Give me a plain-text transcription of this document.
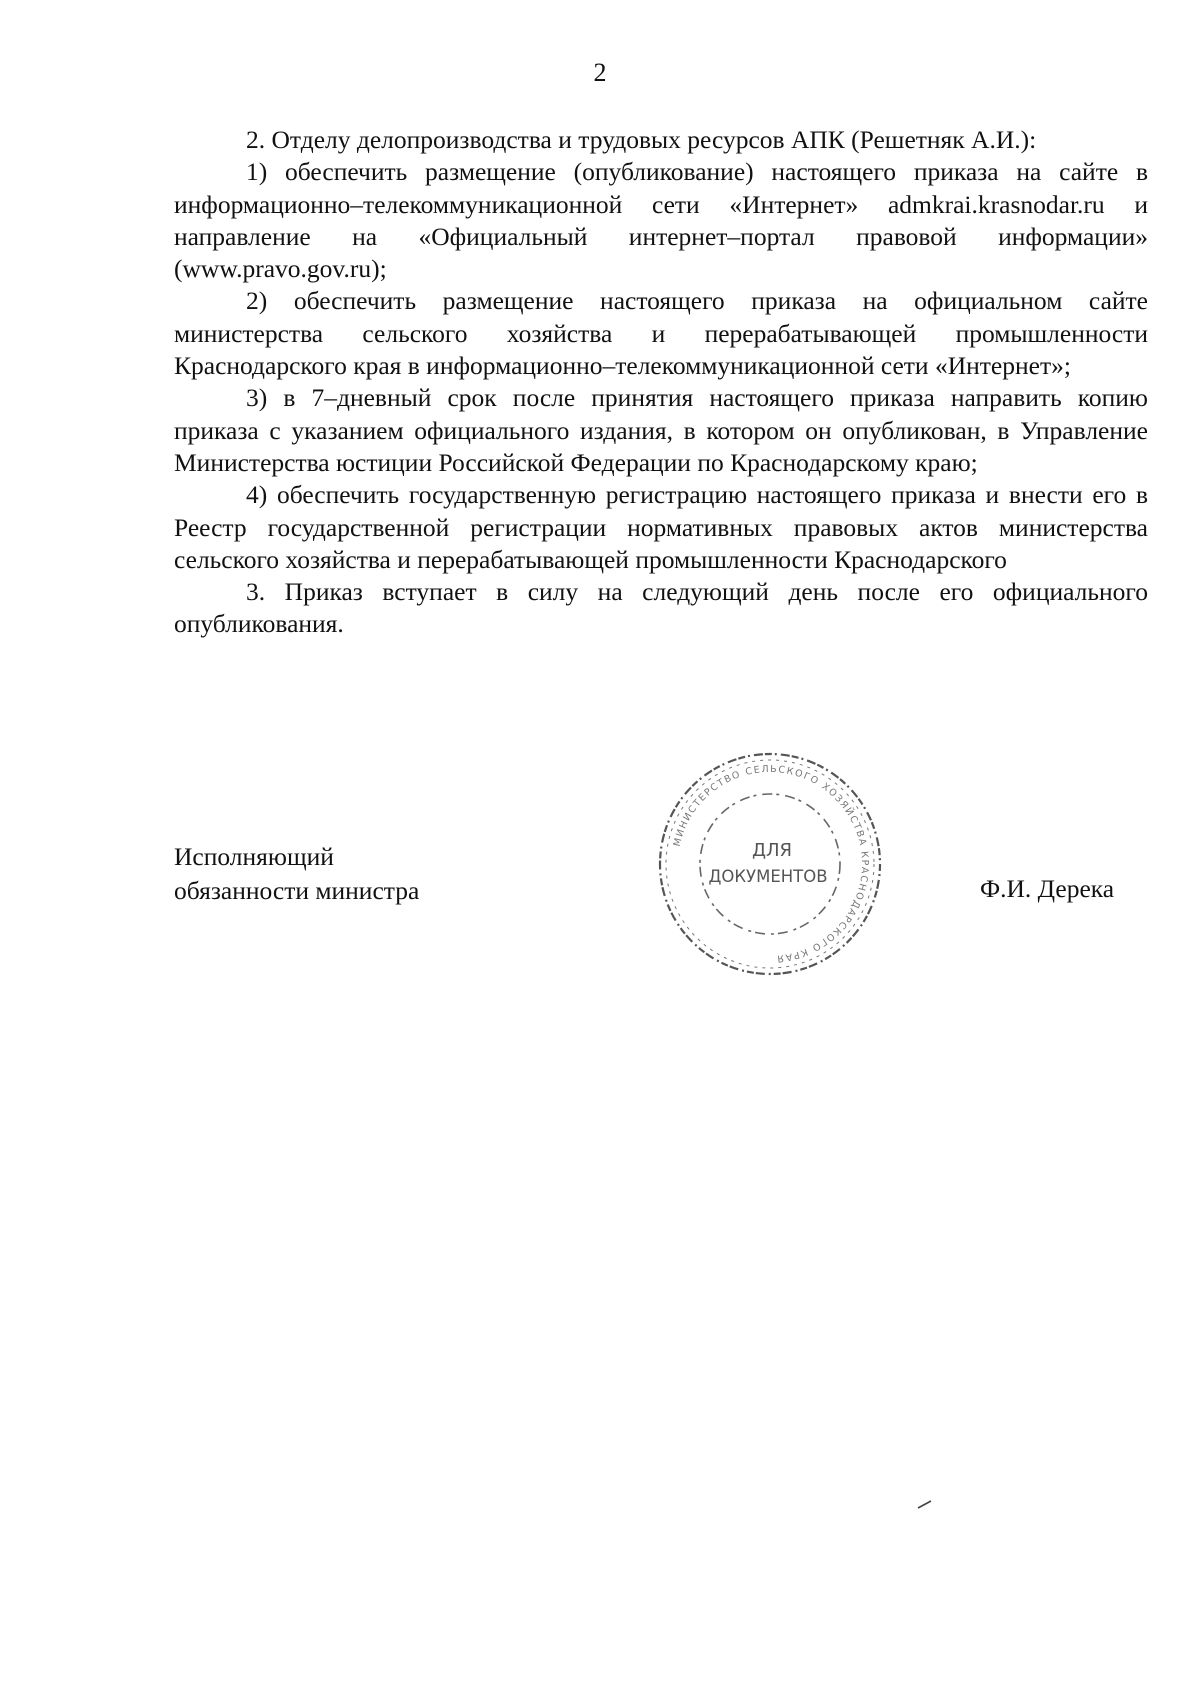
2

2. Отделу делопроизводства и трудовых ресурсов АПК (Решетняк А.И.):

1) обеспечить размещение (опубликование) настоящего приказа на сайте в информационно–телекоммуникационной сети «Интернет» admkrai.krasnodar.ru и направление на «Официальный интернет–портал правовой информации» (www.pravo.gov.ru);

2) обеспечить размещение настоящего приказа на официальном сайте министерства сельского хозяйства и перерабатывающей промышленности Краснодарского края в информационно–телекоммуникационной сети «Интернет»;

3) в 7–дневный срок после принятия настоящего приказа направить копию приказа с указанием официального издания, в котором он опубликован, в Управление Министерства юстиции Российской Федерации по Краснодарскому краю;

4) обеспечить государственную регистрацию настоящего приказа и внести его в Реестр государственной регистрации нормативных правовых актов министерства сельского хозяйства и перерабатывающей промышленности Краснодарского

3. Приказ вступает в силу на следующий день после его официального опубликования.

Исполняющий
обязанности министра
МИНИСТЕРСТВО СЕЛЬСКОГО ХОЗЯЙСТВА КРАСНОДАРСКОГО КРАЯ
ДЛЯ
ДОКУМЕНТОВ	Ф.И. Дерека
